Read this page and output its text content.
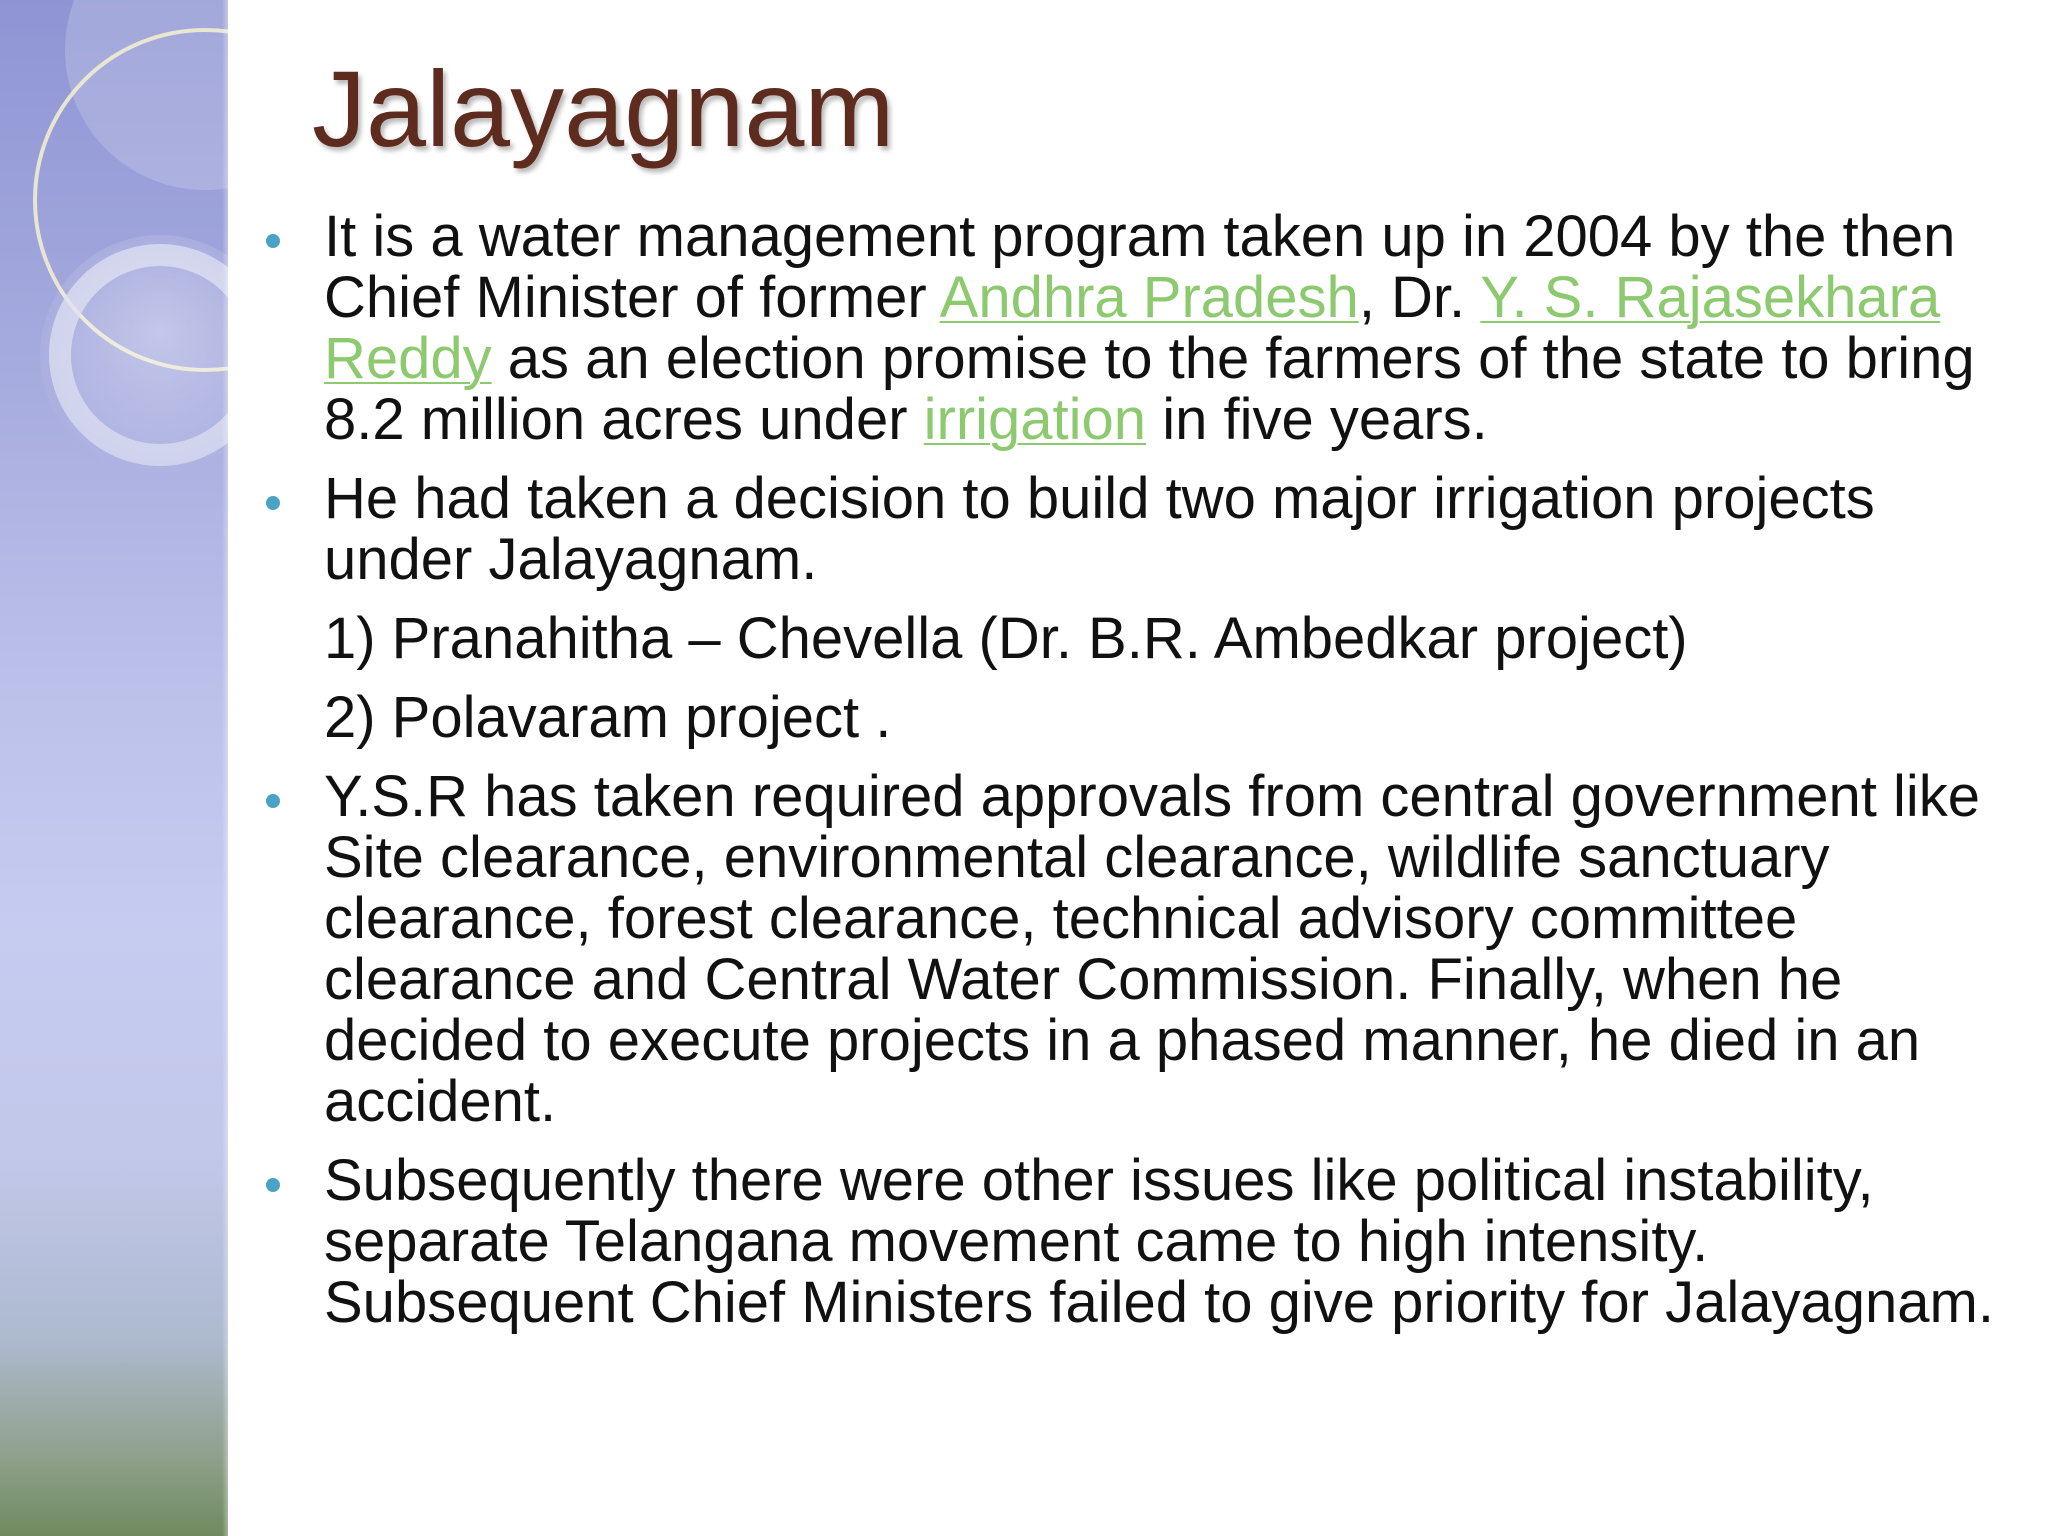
Jalayagnam

It is a water management program taken up in 2004 by the then Chief Minister of former Andhra Pradesh, Dr. Y. S. Rajasekhara Reddy as an election promise to the farmers of the state to bring 8.2 million acres under irrigation in five years.

He had taken a decision to build two major irrigation projects under Jalayagnam.

1) Pranahitha – Chevella (Dr. B.R. Ambedkar project)
2) Polavaram project .

Y.S.R has taken required approvals from central government like Site clearance, environmental clearance, wildlife sanctuary clearance, forest clearance, technical advisory committee clearance and Central Water Commission. Finally, when he decided to execute projects in a phased manner, he died in an accident.

Subsequently there were other issues like political instability, separate Telangana movement came to high intensity. Subsequent Chief Ministers failed to give priority for Jalayagnam.
